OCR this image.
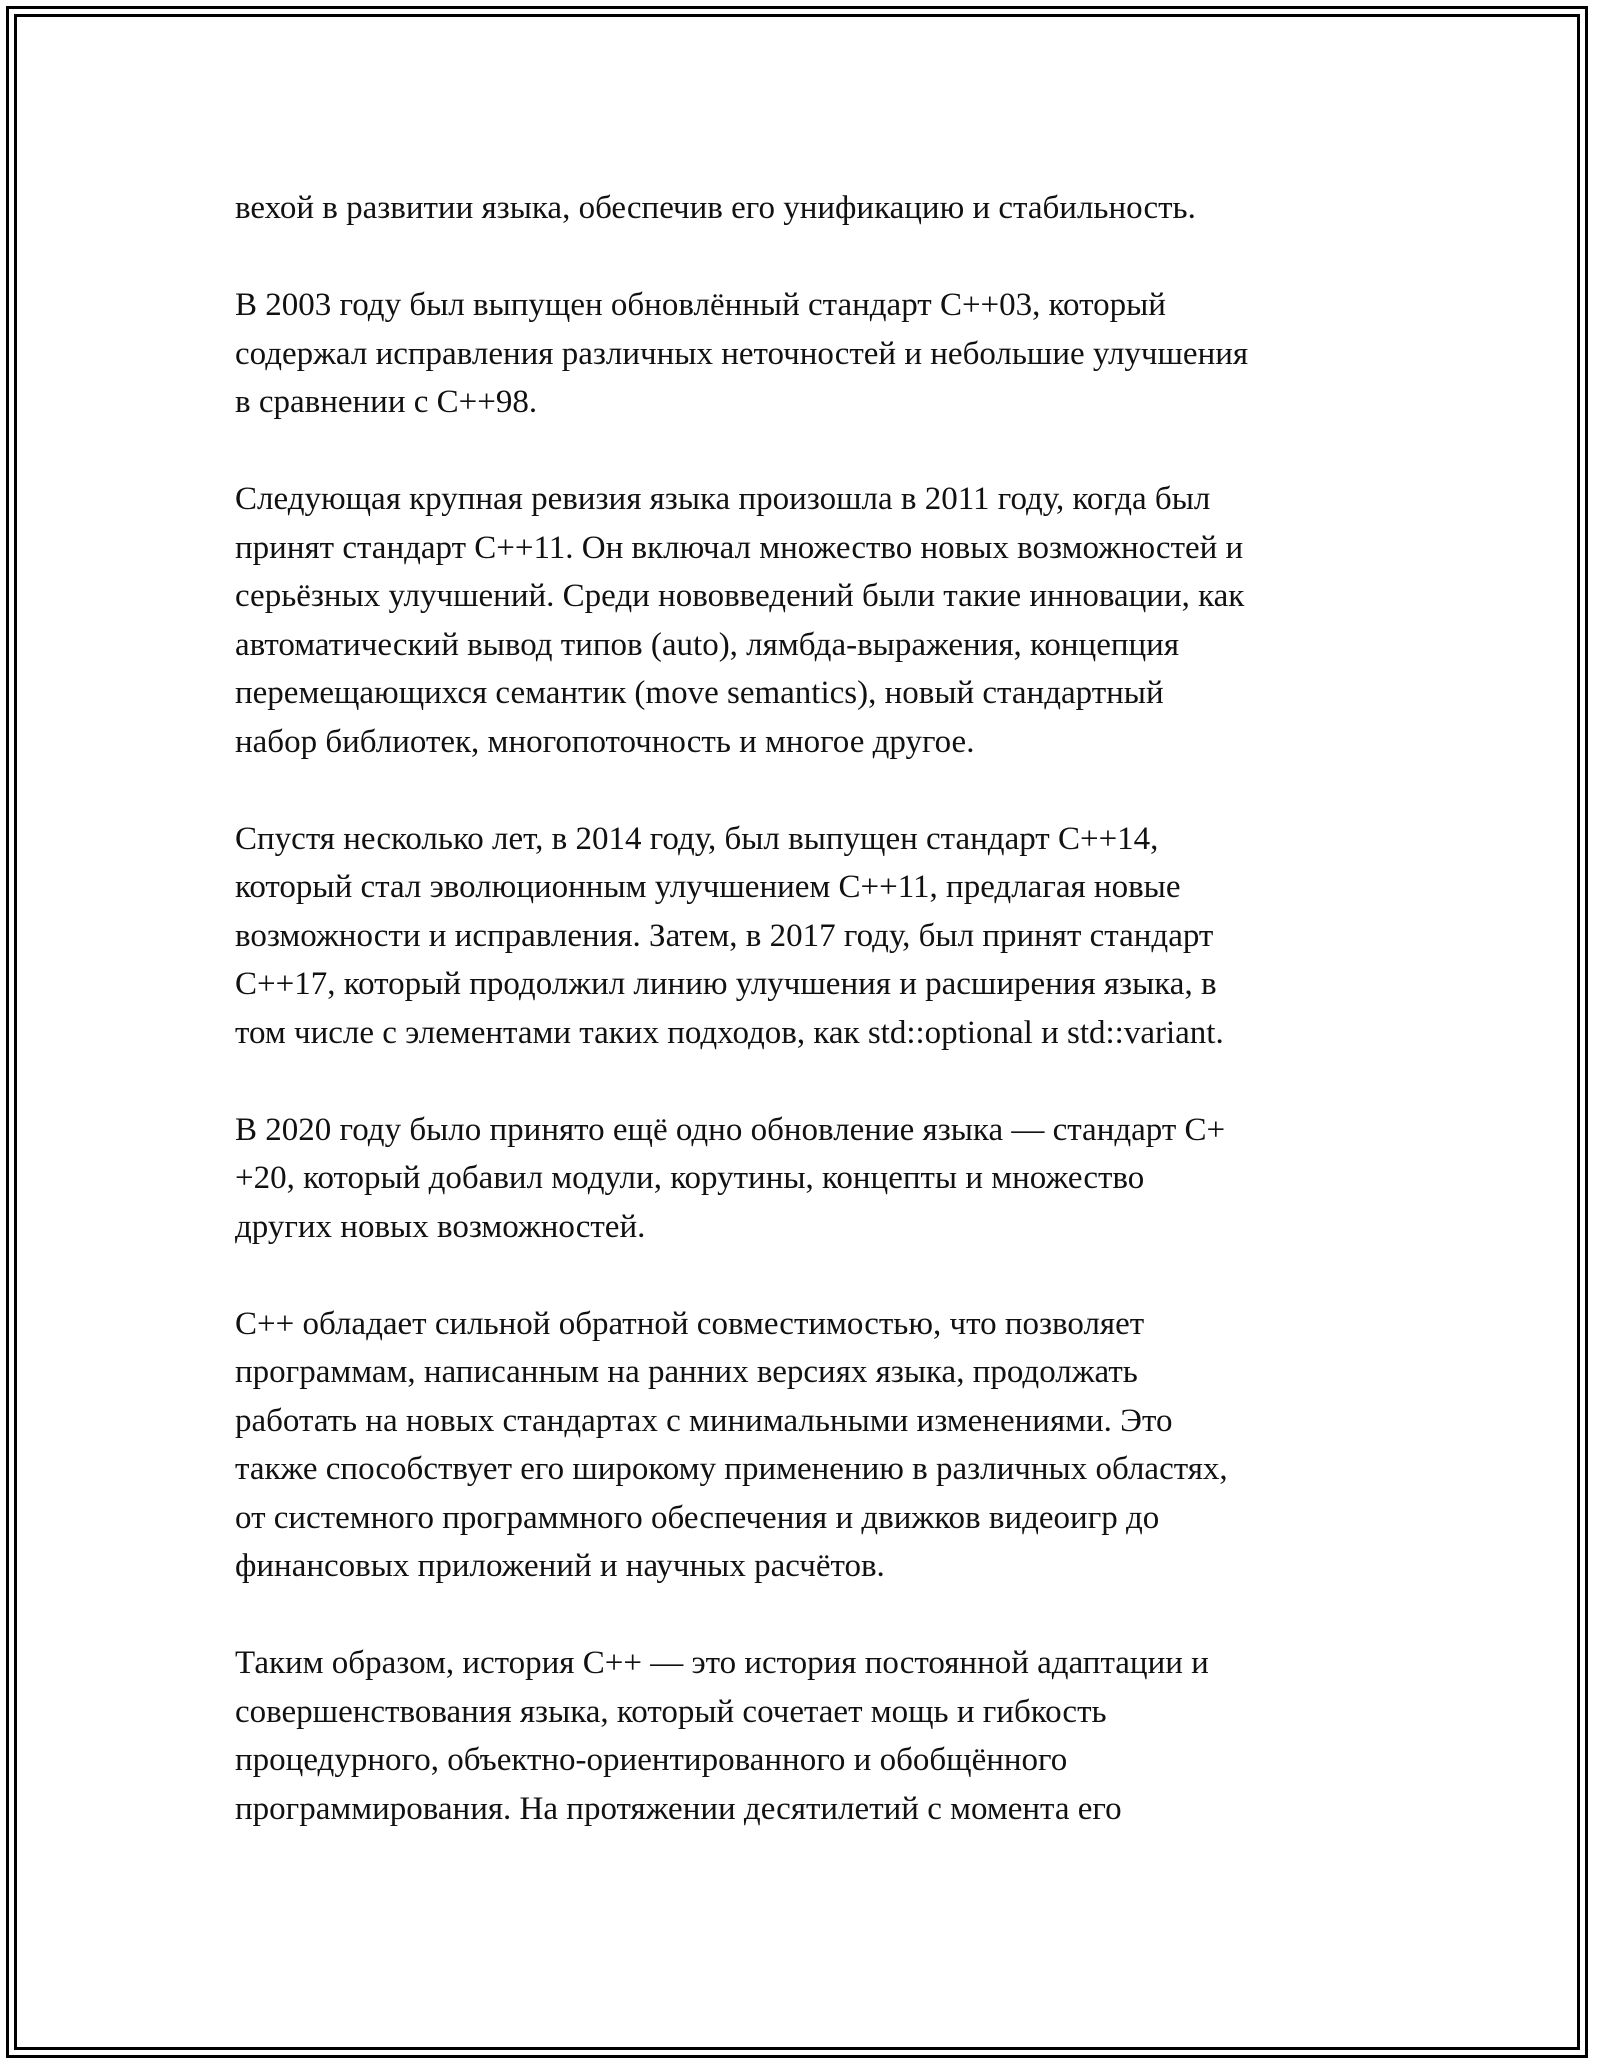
вехой в развитии языка, обеспечив его унификацию и стабильность.

В 2003 году был выпущен обновлённый стандарт C++03, который
содержал исправления различных неточностей и небольшие улучшения
в сравнении с C++98.

Следующая крупная ревизия языка произошла в 2011 году, когда был
принят стандарт C++11. Он включал множество новых возможностей и
серьёзных улучшений. Среди нововведений были такие инновации, как
автоматический вывод типов (auto), лямбда-выражения, концепция
перемещающихся семантик (move semantics), новый стандартный
набор библиотек, многопоточность и многое другое.

Спустя несколько лет, в 2014 году, был выпущен стандарт C++14,
который стал эволюционным улучшением C++11, предлагая новые
возможности и исправления. Затем, в 2017 году, был принят стандарт
C++17, который продолжил линию улучшения и расширения языка, в
том числе с элементами таких подходов, как std::optional и std::variant.

В 2020 году было принято ещё одно обновление языка — стандарт C+
+20, который добавил модули, корутины, концепты и множество
других новых возможностей.

C++ обладает сильной обратной совместимостью, что позволяет
программам, написанным на ранних версиях языка, продолжать
работать на новых стандартах с минимальными изменениями. Это
также способствует его широкому применению в различных областях,
от системного программного обеспечения и движков видеоигр до
финансовых приложений и научных расчётов.

Таким образом, история C++ — это история постоянной адаптации и
совершенствования языка, который сочетает мощь и гибкость
процедурного, объектно-ориентированного и обобщённого
программирования. На протяжении десятилетий с момента его
